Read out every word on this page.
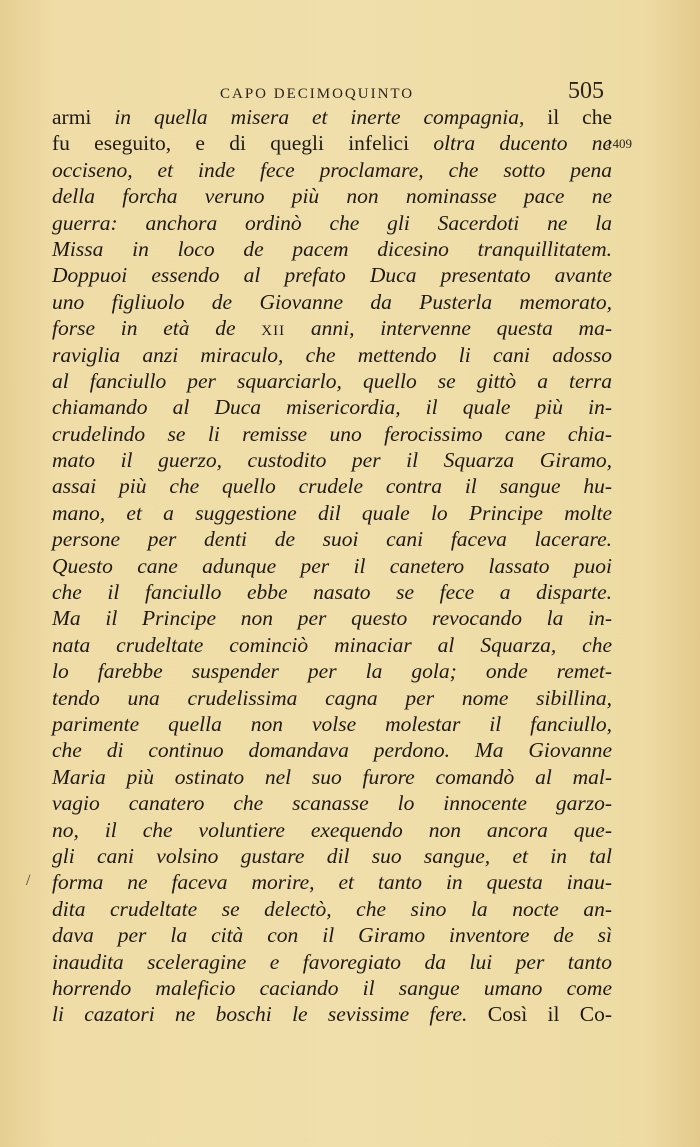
CAPO DECIMOQUINTO	505
1409
/
armi in quella misera et inerte compagnia, il che
fu eseguito, e di quegli infelici oltra ducento ne
occiseno, et inde fece proclamare, che sotto pena
della forcha veruno più non nominasse pace ne
guerra: anchora ordinò che gli Sacerdoti ne la
Missa in loco de pacem dicesino tranquillitatem.
Doppuoi essendo al prefato Duca presentato avante
uno figliuolo de Giovanne da Pusterla memorato,
forse in età de xii anni, intervenne questa ma-
raviglia anzi miraculo, che mettendo li cani adosso
al fanciullo per squarciarlo, quello se gittò a terra
chiamando al Duca misericordia, il quale più in-
crudelindo se li remisse uno ferocissimo cane chia-
mato il guerzo, custodito per il Squarza Giramo,
assai più che quello crudele contra il sangue hu-
mano, et a suggestione dil quale lo Principe molte
persone per denti de suoi cani faceva lacerare.
Questo cane adunque per il canetero lassato puoi
che il fanciullo ebbe nasato se fece a disparte.
Ma il Principe non per questo revocando la in-
nata crudeltate cominciò minaciar al Squarza, che
lo farebbe suspender per la gola; onde remet-
tendo una crudelissima cagna per nome sibillina,
parimente quella non volse molestar il fanciullo,
che di continuo domandava perdono. Ma Giovanne
Maria più ostinato nel suo furore comandò al mal-
vagio canatero che scanasse lo innocente garzo-
no, il che voluntiere exequendo non ancora que-
gli cani volsino gustare dil suo sangue, et in tal
forma ne faceva morire, et tanto in questa inau-
dita crudeltate se delectò, che sino la nocte an-
dava per la cità con il Giramo inventore de sì
inaudita sceleragine e favoregiato da lui per tanto
horrendo maleficio caciando il sangue umano come
li cazatori ne boschi le sevissime fere. Così il Co-
